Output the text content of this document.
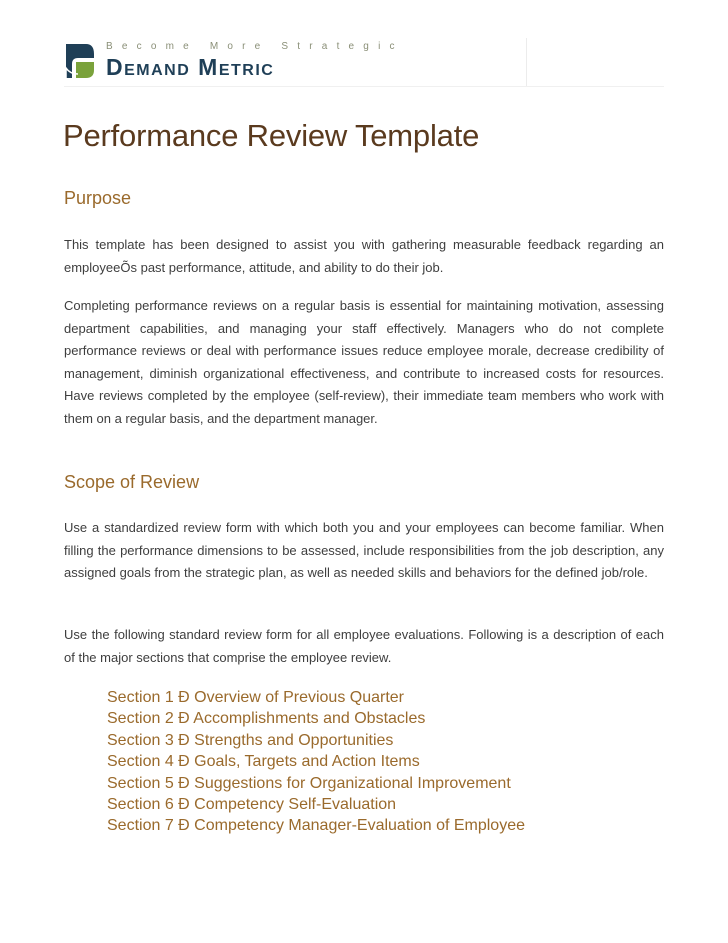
Become More Strategic
Demand Metric
Performance Review Template
Purpose
This template has been designed to assist you with gathering measurable feedback regarding an employeeÕs past performance, attitude, and ability to do their job.
Completing performance reviews on a regular basis is essential for maintaining motivation, assessing department capabilities, and managing your staff effectively. Managers who do not complete performance reviews or deal with performance issues reduce employee morale, decrease credibility of management, diminish organizational effectiveness, and contribute to increased costs for resources. Have reviews completed by the employee (self-review), their immediate team members who work with them on a regular basis, and the department manager.
Scope of Review
Use a standardized review form with which both you and your employees can become familiar. When filling the performance dimensions to be assessed, include responsibilities from the job description, any assigned goals from the strategic plan, as well as needed skills and behaviors for the defined job/role.
Use the following standard review form for all employee evaluations. Following is a description of each of the major sections that comprise the employee review.
Section 1 Ð Overview of Previous Quarter
Section 2 Ð Accomplishments and Obstacles
Section 3 Ð Strengths and Opportunities
Section 4 Ð Goals, Targets and Action Items
Section 5 Ð Suggestions for Organizational Improvement
Section 6 Ð Competency Self-Evaluation
Section 7 Ð Competency Manager-Evaluation of Employee
